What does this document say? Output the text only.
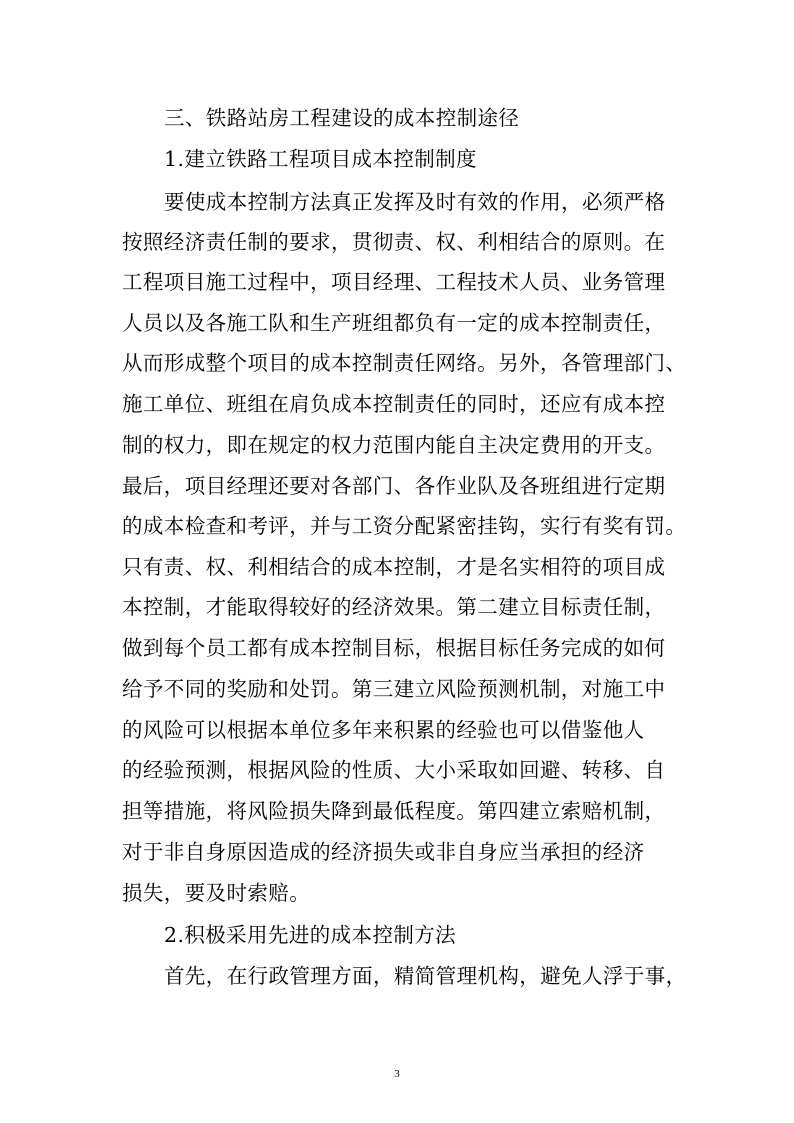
三、铁路站房工程建设的成本控制途径
1.建立铁路工程项目成本控制制度
要使成本控制方法真正发挥及时有效的作用，必须严格
按照经济责任制的要求，贯彻责、权、利相结合的原则。在
工程项目施工过程中，项目经理、工程技术人员、业务管理
人员以及各施工队和生产班组都负有一定的成本控制责任，
从而形成整个项目的成本控制责任网络。另外，各管理部门、
施工单位、班组在肩负成本控制责任的同时，还应有成本控
制的权力，即在规定的权力范围内能自主决定费用的开支。
最后，项目经理还要对各部门、各作业队及各班组进行定期
的成本检查和考评，并与工资分配紧密挂钩，实行有奖有罚。
只有责、权、利相结合的成本控制，才是名实相符的项目成
本控制，才能取得较好的经济效果。第二建立目标责任制，
做到每个员工都有成本控制目标，根据目标任务完成的如何
给予不同的奖励和处罚。第三建立风险预测机制，对施工中
的风险可以根据本单位多年来积累的经验也可以借鉴他人
的经验预测，根据风险的性质、大小采取如回避、转移、自
担等措施，将风险损失降到最低程度。第四建立索赔机制，
对于非自身原因造成的经济损失或非自身应当承担的经济
损失，要及时索赔。
2.积极采用先进的成本控制方法
首先，在行政管理方面，精简管理机构，避免人浮于事，
3
